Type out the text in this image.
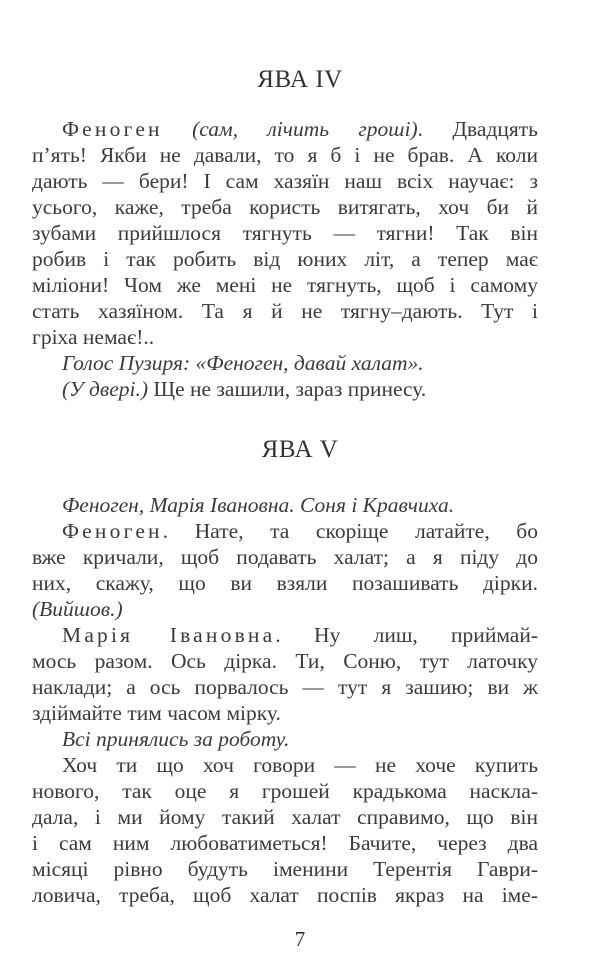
ЯВА IV
Феноген (сам, лічить гроші). Двадцять
п’ять! Якби не давали, то я б і не брав. А коли
дають — бери! І сам хазяїн наш всіх научає: з
усього, каже, треба користь витягать, хоч би й
зубами прийшлося тягнуть — тягни! Так він
робив і так робить від юних літ, а тепер має
міліони! Чом же мені не тягнуть, щоб і самому
стать хазяїном. Та я й не тягну–дають. Тут і
гріха немає!..
Голос Пузиря: «Феноген, давай халат».
(У дверi.) Ще не зашили, зараз принесу.
ЯВА V
Феноген, Марія Івановна. Соня і Кравчиха.
Феноген. Нате, та скоріще латайте, бо
вже кричали, щоб подавать халат; а я піду до
них, скажу, що ви взяли позашивать дірки.
(Вийшов.)
Марія Івановна. Ну лиш, приймай-
мось разом. Ось дірка. Ти, Соню, тут латочку
наклади; а ось порвалось — тут я зашию; ви ж
здіймайте тим часом мірку.
Всі принялись за роботу.
Хоч ти що хоч говори — не хоче купить
нового, так оце я грошей крадькома наскла-
дала, і ми йому такий халат справимо, що він
і сам ним любоватиметься! Бачите, через два
місяці рівно будуть іменини Терентія Гаври-
ловича, треба, щоб халат поспів якраз на іме-
7
